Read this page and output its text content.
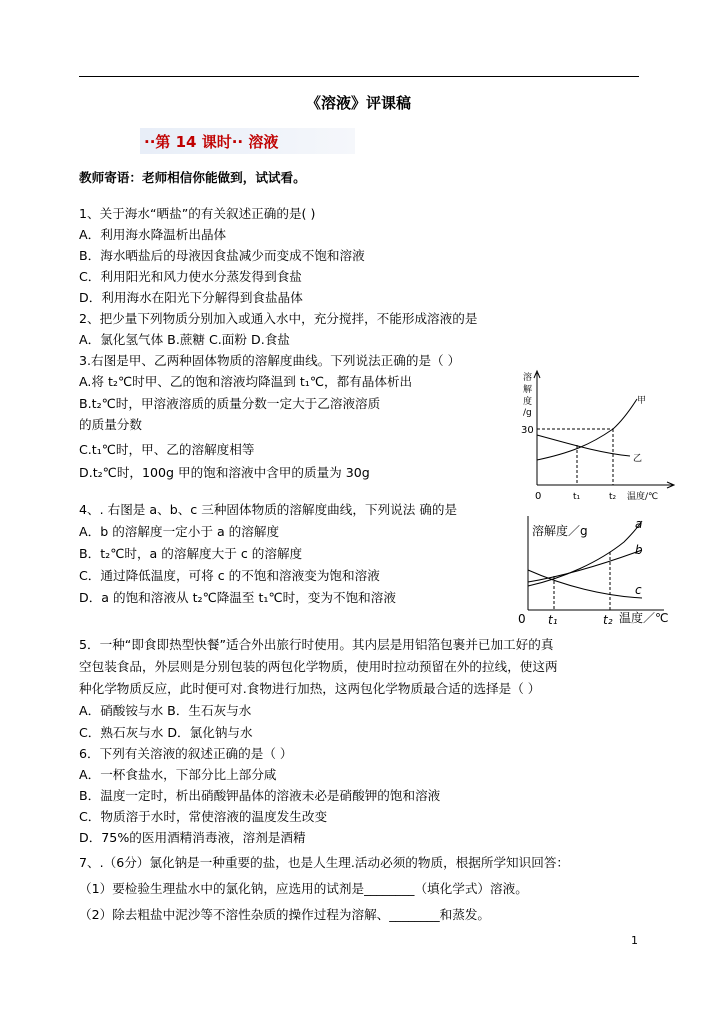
《溶液》评课稿
··第 14 课时·· 溶液
教师寄语：老师相信你能做到，试试看。
1、关于海水“晒盐”的有关叙述正确的是( )
A．利用海水降温析出晶体
B．海水晒盐后的母液因食盐减少而变成不饱和溶液
C．利用阳光和风力使水分蒸发得到食盐
D．利用海水在阳光下分解得到食盐晶体
2、把少量下列物质分别加入或通入水中，充分搅拌，不能形成溶液的是
A．氯化氢气体 B.蔗糖 C.面粉 D.食盐
3.右图是甲、乙两种固体物质的溶解度曲线。下列说法正确的是（ ）
A.将 t₂℃时甲、乙的饱和溶液均降温到 t₁℃，都有晶体析出
B.t₂℃时，甲溶液溶质的质量分数一定大于乙溶液溶质
的质量分数
C.t₁℃时，甲、乙的溶解度相等
D.t₂℃时，100g 甲的饱和溶液中含甲的质量为 30g
溶
解
度
/g
30
甲
乙
0	t₁	t₂ 温度/℃
4、. 右图是 a、b、c 三种固体物质的溶解度曲线，下列说法 确的是
A．b 的溶解度一定小于 a 的溶解度
B．t₂℃时，a 的溶解度大于 c 的溶解度
C．通过降低温度，可将 c 的不饱和溶液变为饱和溶液
D．a 的饱和溶液从 t₂℃降温至 t₁℃时，变为不饱和溶液
溶解度／g	a
b
c
0 t₁	t₂ 温度／℃
5．一种“即食即热型快餐”适合外出旅行时使用。其内层是用铝箔包裹并已加工好的真
空包装食品，外层则是分别包装的两包化学物质，使用时拉动预留在外的拉线，使这两
种化学物质反应，此时便可对.食物进行加热，这两包化学物质最合适的选择是（ ）
A．硝酸铵与水 B．生石灰与水
C．熟石灰与水 D．氯化钠与水
6．下列有关溶液的叙述正确的是（ ）
A．一杯食盐水，下部分比上部分咸
B．温度一定时，析出硝酸钾晶体的溶液未必是硝酸钾的饱和溶液
C．物质溶于水时，常使溶液的温度发生改变
D．75%的医用酒精消毒液，溶剂是酒精
7、.（6分）氯化钠是一种重要的盐，也是人生理.活动必须的物质，根据所学知识回答：
（1）要检验生理盐水中的氯化钠，应选用的试剂是________（填化学式）溶液。
（2）除去粗盐中泥沙等不溶性杂质的操作过程为溶解、________和蒸发。
1
